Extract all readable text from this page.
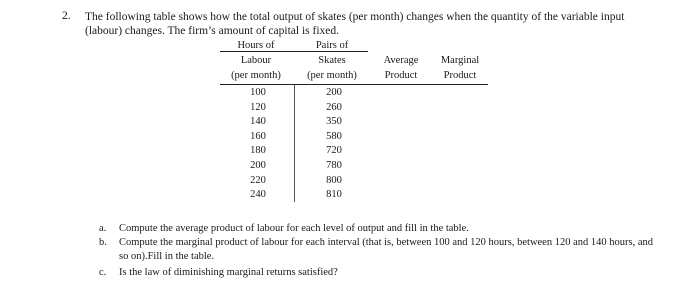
2. The following table shows how the total output of skates (per month) changes when the quantity of the variable input (labour) changes. The firm’s amount of capital is fixed.
Hours of
Labour
(per month)
Pairs of
Skates
(per month)
Average
Product
Marginal
Product
100
120
140
160
180
200
220
240
200
260
350
580
720
780
800
810
a. Compute the average product of labour for each level of output and fill in the table.
b. Compute the marginal product of labour for each interval (that is, between 100 and 120 hours, between 120 and 140 hours, and so on).Fill in the table.
c. Is the law of diminishing marginal returns satisfied?
